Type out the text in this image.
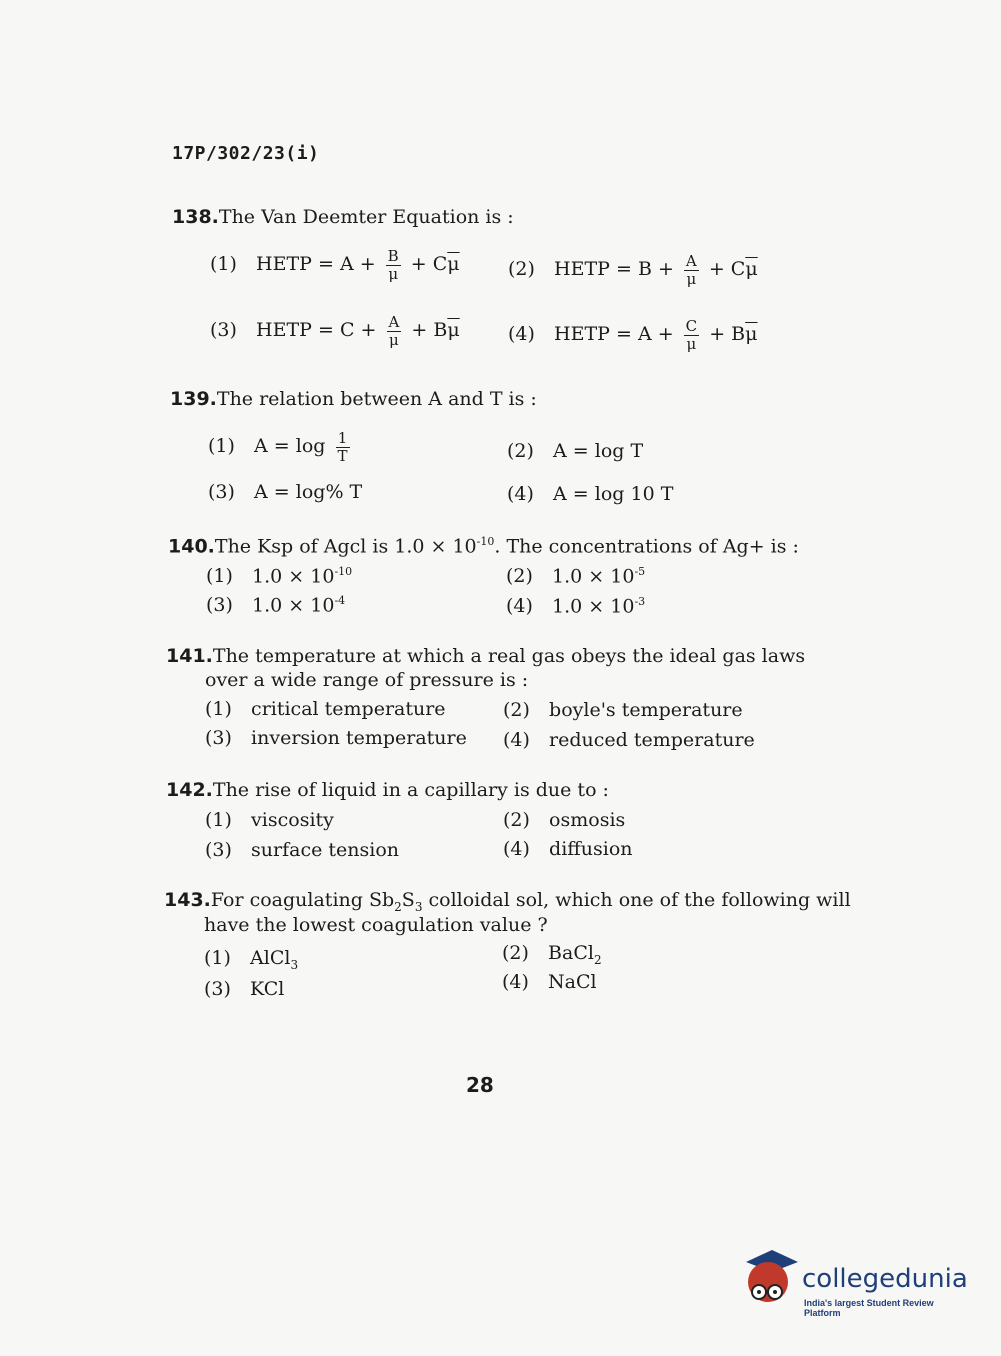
17P/302/23(i)
138.The Van Deemter Equation is :
(1) HETP = $A + \frac{B}{\mu} + C\overline{\mu}$	(2) HETP = $B + \frac{A}{\mu} + C\overline{\mu}$
(3) HETP = $C + \frac{A}{\mu} + B\overline{\mu}$	(4) HETP = $A + \frac{C}{\mu} + B\overline{\mu}$
139.The relation between A and T is :
(1) $A = \log \frac{1}{T}$	(2) A = log T
(3) A = log% T	(4) A = log 10 T
140.The Ksp of Agcl is $1.0 \times 10^{-10}$. The concentrations of Ag+ is :
(1) $1.0 \times 10^{-10}$	(2) $1.0 \times 10^{-5}$
(3) $1.0 \times 10^{-4}$	(4) $1.0 \times 10^{-3}$
141.The temperature at which a real gas obeys the ideal gas laws
over a wide range of pressure is :
(1) critical temperature	(2) boyle's temperature
(3) inversion temperature (4) reduced temperature
142.The rise of liquid in a capillary is due to :
(1) viscosity	(2) osmosis
(3) surface tension	(4) diffusion
143.For coagulating $Sb_2S_3$ colloidal sol, which one of the following will
have the lowest coagulation value ?
(1) AlCl$_3$
(2) BaCl$_2$
(3) KCl	(4) NaCl
28
collegedunia
India's largest Student Review Platform
